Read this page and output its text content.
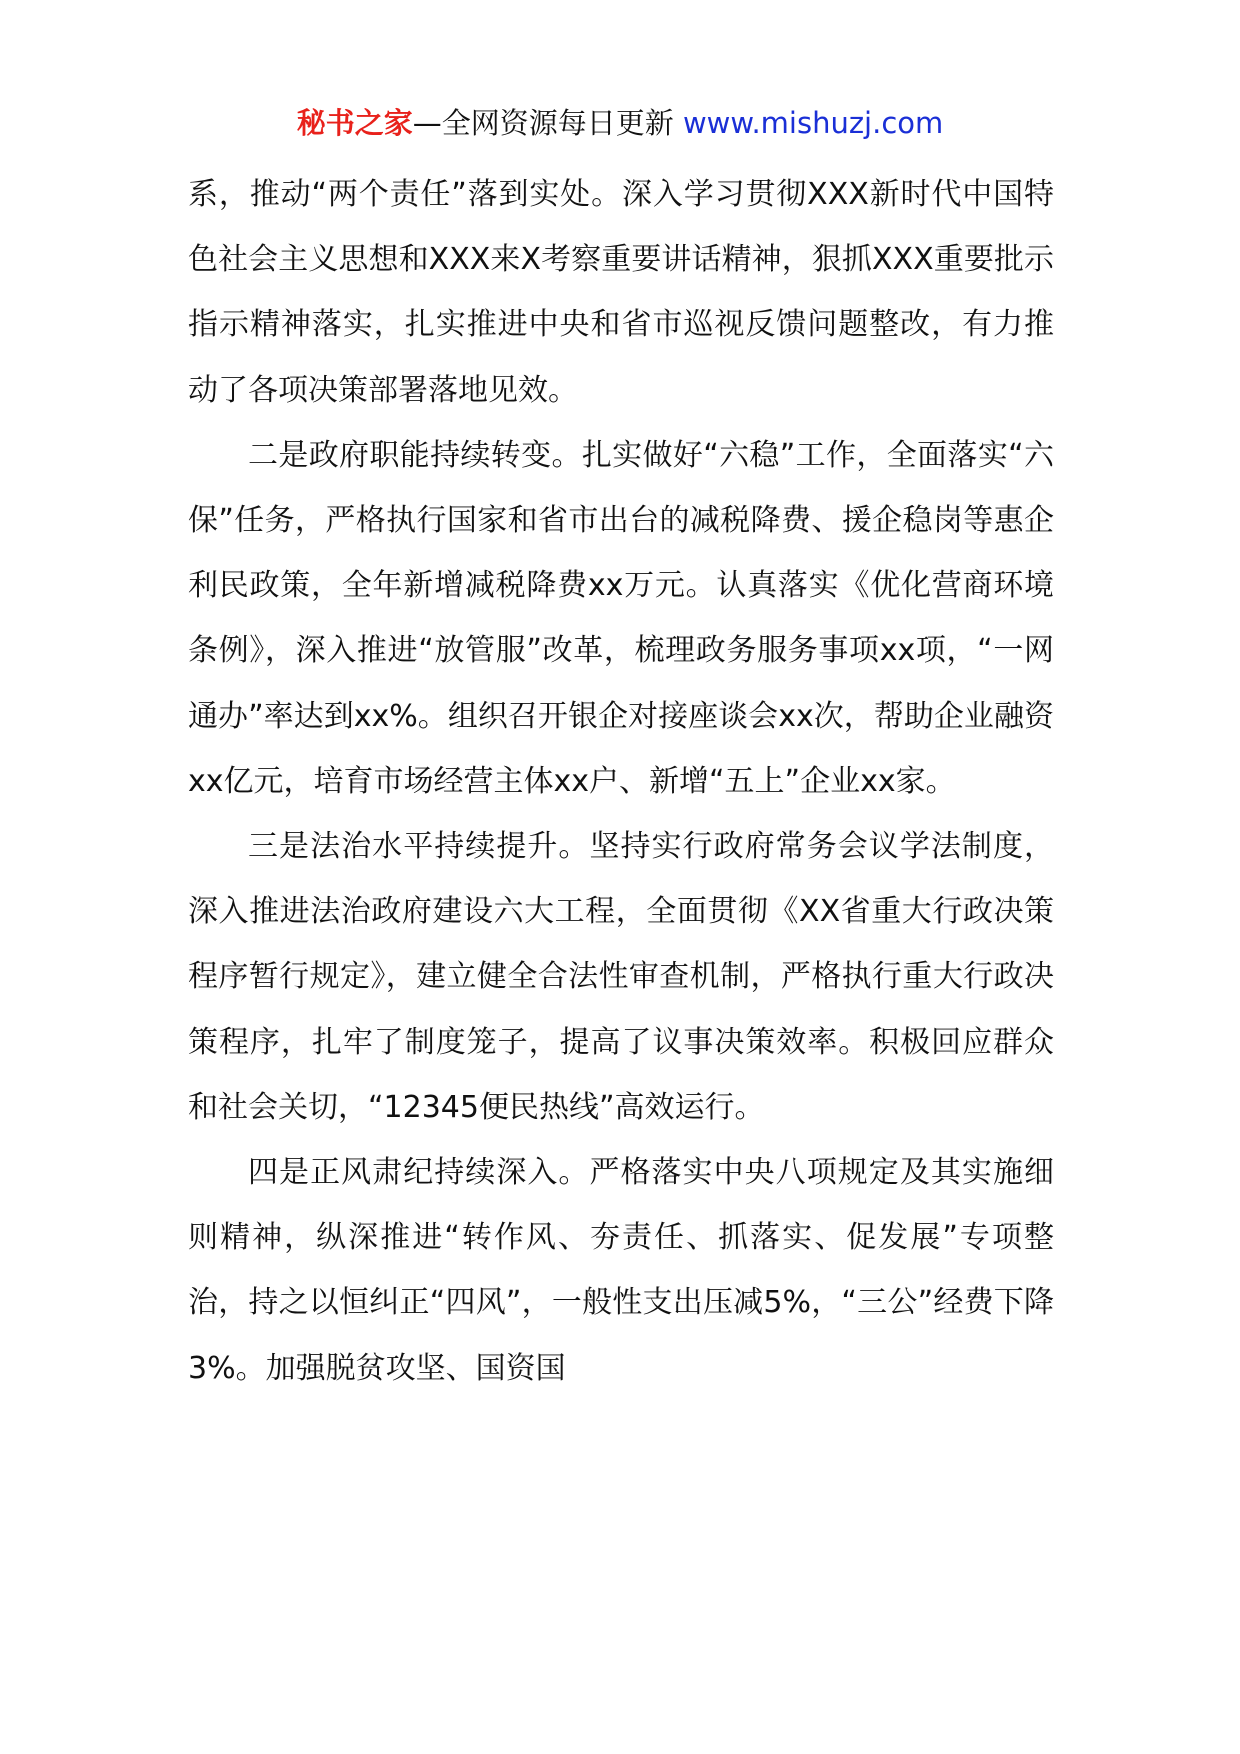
秘书之家—全网资源每日更新 www.mishuzj.com

系，推动“两个责任”落到实处。深入学习贯彻XXX新时代中国特色社会主义思想和XXX来X考察重要讲话精神，狠抓XXX重要批示指示精神落实，扎实推进中央和省市巡视反馈问题整改，有力推动了各项决策部署落地见效。

二是政府职能持续转变。扎实做好“六稳”工作，全面落实“六保”任务，严格执行国家和省市出台的减税降费、援企稳岗等惠企利民政策，全年新增减税降费xx万元。认真落实《优化营商环境条例》，深入推进“放管服”改革，梳理政务服务事项xx项，“一网通办”率达到xx%。组织召开银企对接座谈会xx次，帮助企业融资xx亿元，培育市场经营主体xx户、新增“五上”企业xx家。

三是法治水平持续提升。坚持实行政府常务会议学法制度，深入推进法治政府建设六大工程，全面贯彻《XX省重大行政决策程序暂行规定》，建立健全合法性审查机制，严格执行重大行政决策程序，扎牢了制度笼子，提高了议事决策效率。积极回应群众和社会关切，“12345便民热线”高效运行。

四是正风肃纪持续深入。严格落实中央八项规定及其实施细则精神，纵深推进“转作风、夯责任、抓落实、促发展”专项整治，持之以恒纠正“四风”，一般性支出压减5%，“三公”经费下降3%。加强脱贫攻坚、国资国
